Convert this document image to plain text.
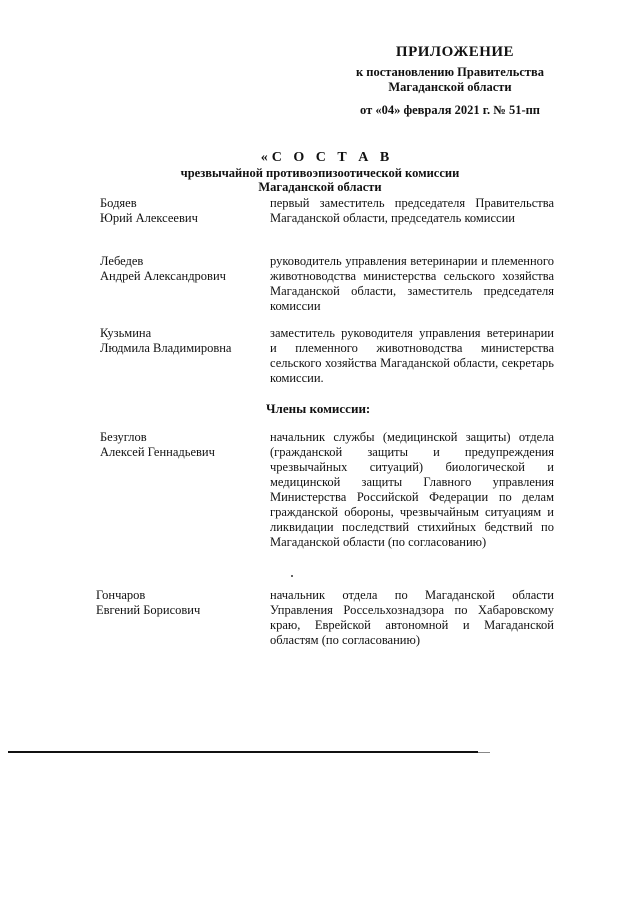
ПРИЛОЖЕНИЕ
к постановлению Правительства
Магаданской области
от «04» февраля 2021 г. № 51-пп
«С О С Т А В
чрезвычайной противоэпизоотической комиссии
Магаданской области
Бодяев
Юрий Алексеевич
первый заместитель председателя Правительства Магаданской области, председатель комиссии
Лебедев
Андрей Александрович
руководитель управления ветеринарии и племенного животноводства министерства сельского хозяйства Магаданской области, заместитель председателя комиссии
Кузьмина
Людмила Владимировна
заместитель руководителя управления ветеринарии и племенного животноводства министерства сельского хозяйства Магаданской области, секретарь комиссии.
Безуглов
Алексей Геннадьевич
начальник службы (медицинской защиты) отдела (гражданской защиты и предупреждения чрезвычайных ситуаций) биологической и медицинской защиты Главного управления Министерства Российской Федерации по делам гражданской обороны, чрезвычайным ситуациям и ликвидации последствий стихийных бедствий по Магаданской области (по согласованию)
Гончаров
Евгений Борисович
начальник отдела по Магаданской области Управления Россельхознадзора по Хабаровскому краю, Еврейской автономной и Магаданской областям (по согласованию)
Члены комиссии:
